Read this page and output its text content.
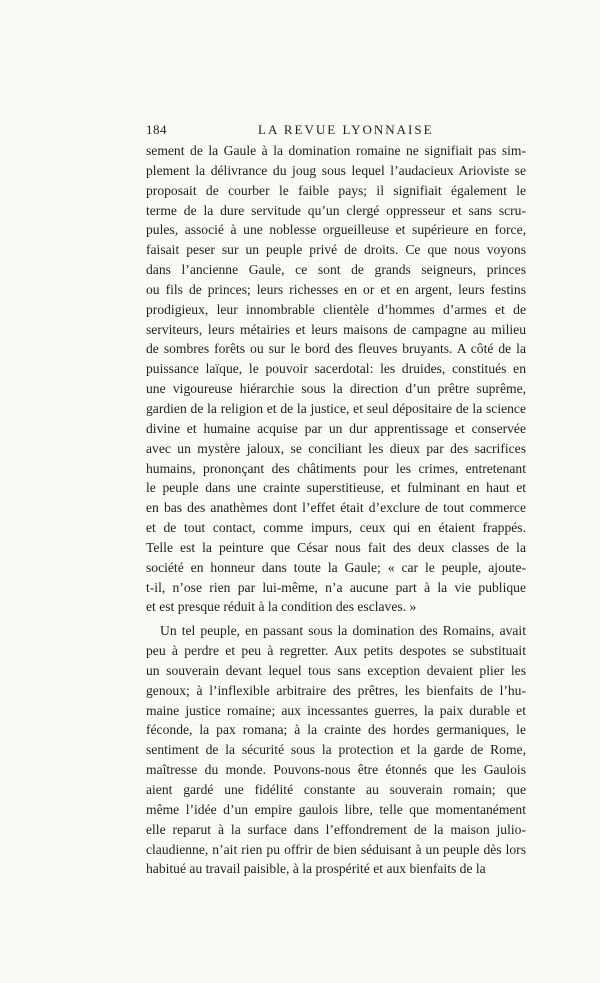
184	LA REVUE LYONNAISE
sement de la Gaule à la domination romaine ne signifiait pas sim-
plement la délivrance du joug sous lequel l’audacieux Arioviste se
proposait de courber le faible pays; il signifiait également le
terme de la dure servitude qu’un clergé oppresseur et sans scru-
pules, associé à une noblesse orgueilleuse et supérieure en force,
faisait peser sur un peuple privé de droits. Ce que nous voyons
dans l’ancienne Gaule, ce sont de grands seigneurs, princes
ou fils de princes; leurs richesses en or et en argent, leurs festins
prodigieux, leur innombrable clientèle d’hommes d’armes et de
serviteurs, leurs métairies et leurs maisons de campagne au milieu
de sombres forêts ou sur le bord des fleuves bruyants. A côté de la
puissance laïque, le pouvoir sacerdotal: les druides, constitués en
une vigoureuse hiérarchie sous la direction d’un prêtre suprême,
gardien de la religion et de la justice, et seul dépositaire de la science
divine et humaine acquise par un dur apprentissage et conservée
avec un mystère jaloux, se conciliant les dieux par des sacrifices
humains, prononçant des châtiments pour les crimes, entretenant
le peuple dans une crainte superstitieuse, et fulminant en haut et
en bas des anathèmes dont l’effet était d’exclure de tout commerce
et de tout contact, comme impurs, ceux qui en étaient frappés.
Telle est la peinture que César nous fait des deux classes de la
société en honneur dans toute la Gaule; « car le peuple, ajoute-
t-il, n’ose rien par lui-même, n’a aucune part à la vie publique
et est presque réduit à la condition des esclaves. »
Un tel peuple, en passant sous la domination des Romains, avait
peu à perdre et peu à regretter. Aux petits despotes se substituait
un souverain devant lequel tous sans exception devaient plier les
genoux; à l’inflexible arbitraire des prêtres, les bienfaits de l’hu-
maine justice romaine; aux incessantes guerres, la paix durable et
féconde, la pax romana; à la crainte des hordes germaniques, le
sentiment de la sécurité sous la protection et la garde de Rome,
maîtresse du monde. Pouvons-nous être étonnés que les Gaulois
aient gardé une fidélité constante au souverain romain; que
même l’idée d’un empire gaulois libre, telle que momentanément
elle reparut à la surface dans l’effondrement de la maison julio-
claudienne, n’ait rien pu offrir de bien séduisant à un peuple dès lors
habitué au travail paisible, à la prospérité et aux bienfaits de la
